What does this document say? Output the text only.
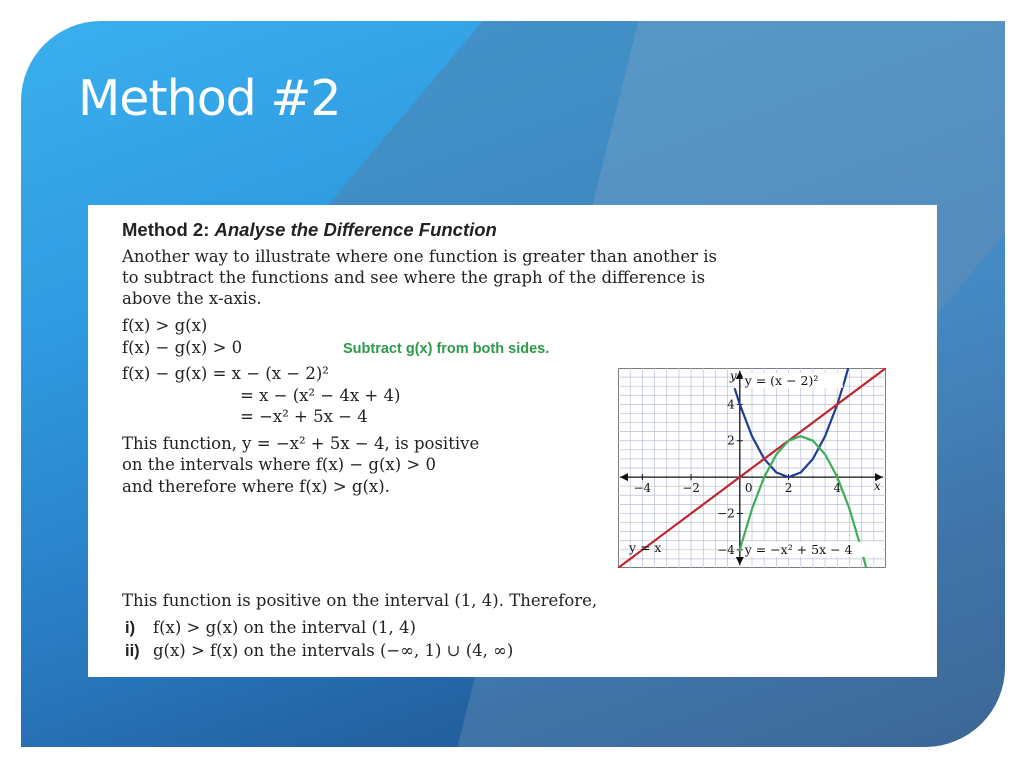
Method #2
Method 2: Analyse the Difference Function
Another way to illustrate where one function is greater than another is
to subtract the functions and see where the graph of the difference is
above the x-axis.
f(x) > g(x)
f(x) − g(x) > 0	Subtract g(x) from both sides.
f(x) − g(x) = x − (x − 2)²
= x − (x² − 4x + 4)
= −x² + 5x − 4
This function, y = −x² + 5x − 4, is positive
on the intervals where f(x) − g(x) > 0
and therefore where f(x) > g(x).
This function is positive on the interval (1, 4). Therefore,
i) f(x) > g(x) on the interval (1, 4)
ii) g(x) > f(x) on the intervals (−∞, 1) ∪ (4, ∞)
−4	−2	0	2	4
4
2
−2
−4
x
y y = (x − 2)²
y = x	y = −x² + 5x − 4
